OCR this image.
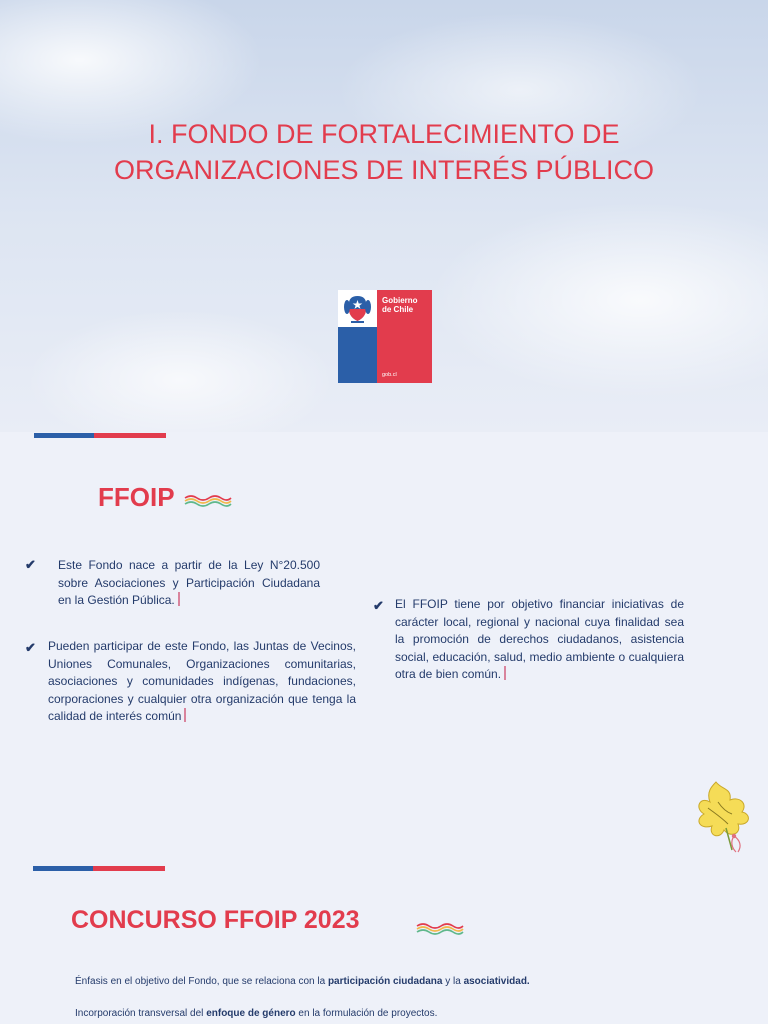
I. FONDO DE FORTALECIMIENTO DE ORGANIZACIONES DE INTERÉS PÚBLICO
Gobierno
de Chile
gob.cl
FFOIP
✔ Este Fondo nace a partir de la Ley N°20.500 sobre Asociaciones y Participación Ciudadana en la Gestión Pública.

✔ Pueden participar de este Fondo, las Juntas de Vecinos, Uniones Comunales, Organizaciones comunitarias, asociaciones y comunidades indígenas, fundaciones, corporaciones y cualquier otra organización que tenga la calidad de interés común

✔ El FFOIP tiene por objetivo financiar iniciativas de carácter local, regional y nacional cuya finalidad sea la promoción de derechos ciudadanos, asistencia social, educación, salud, medio ambiente o cualquiera otra de bien común.

CONCURSO FFOIP 2023

Énfasis en el objetivo del Fondo, que se relaciona con la participación ciudadana y la asociatividad.

Incorporación transversal del enfoque de género en la formulación de proyectos.
